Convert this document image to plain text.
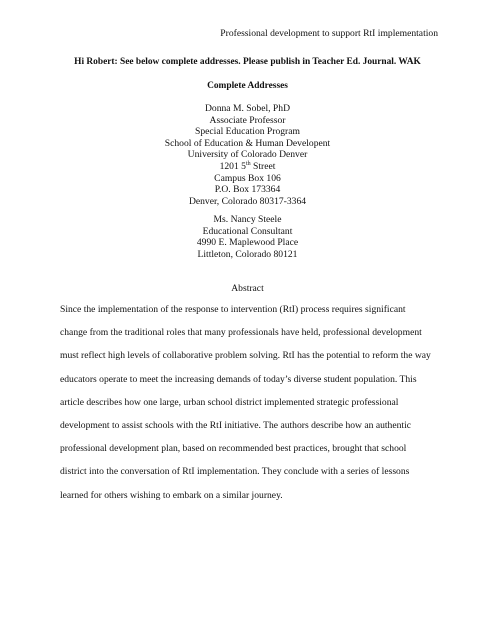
Professional development to support RtI implementation
Hi Robert: See below complete addresses. Please publish in Teacher Ed. Journal. WAK
Complete Addresses
Donna M. Sobel, PhD
Associate Professor
Special Education Program
School of Education & Human Developent
University of Colorado Denver
1201 5th Street
Campus Box 106
P.O. Box 173364
Denver, Colorado 80317-3364
Ms. Nancy Steele
Educational Consultant
4990 E. Maplewood Place
Littleton, Colorado 80121
Abstract
Since the implementation of the response to intervention (RtI) process requires significant
change from the traditional roles that many professionals have held, professional development
must reflect high levels of collaborative problem solving. RtI has the potential to reform the way
educators operate to meet the increasing demands of today’s diverse student population. This
article describes how one large, urban school district implemented strategic professional
development to assist schools with the RtI initiative. The authors describe how an authentic
professional development plan, based on recommended best practices, brought that school
district into the conversation of RtI implementation. They conclude with a series of lessons
learned for others wishing to embark on a similar journey.
